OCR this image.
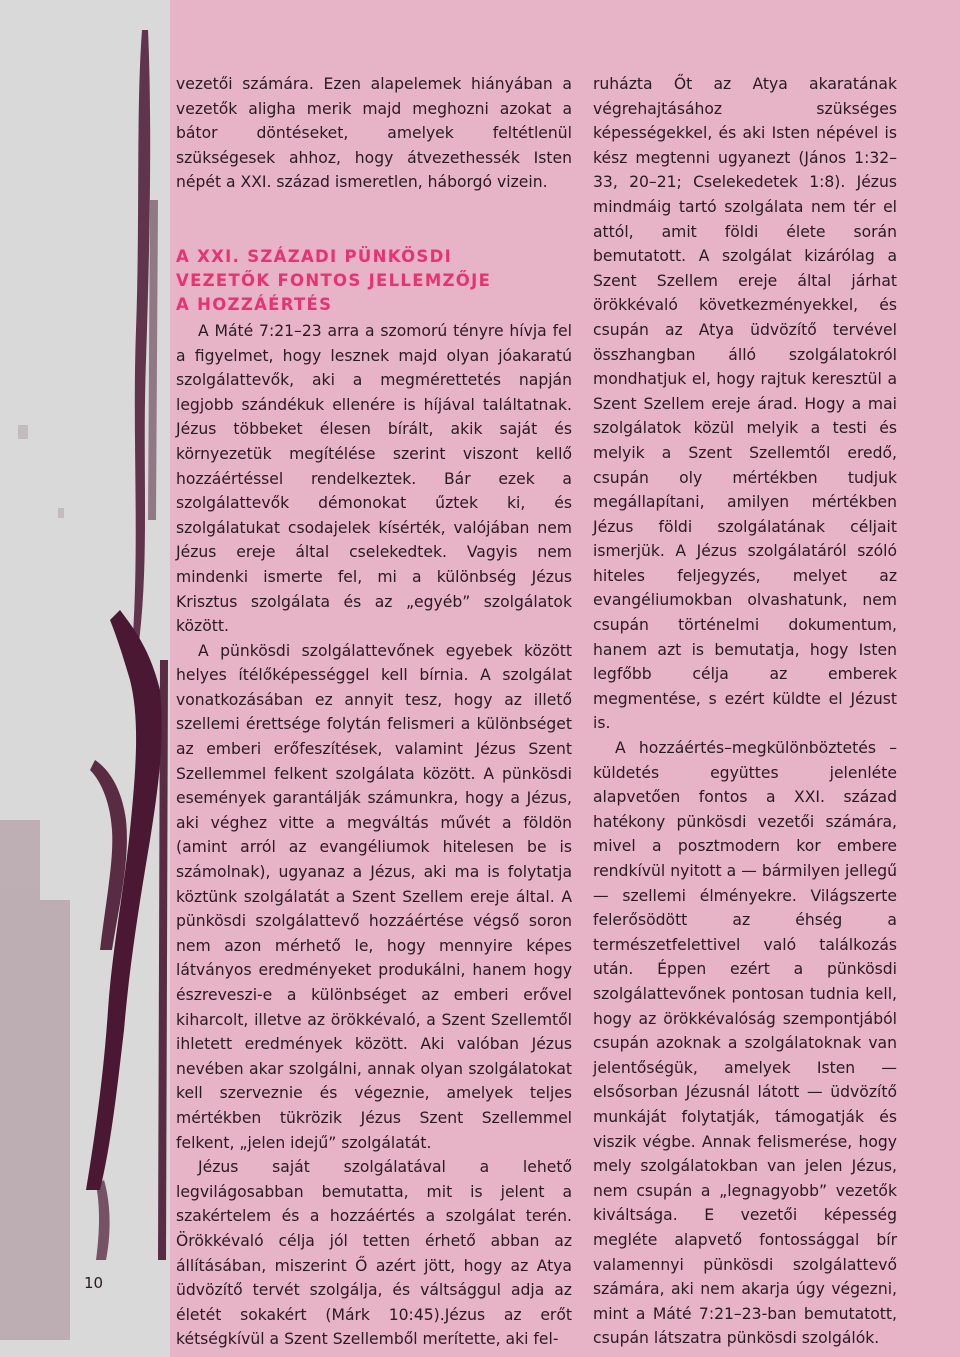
vezetői számára. Ezen alapelemek hiányában a vezetők aligha merik majd meghozni azokat a bátor döntéseket, amelyek feltétlenül szükségesek ahhoz, hogy átvezethessék Isten népét a XXI. század ismeretlen, háborgó vizein.

A XXI. SZÁZADI PÜNKÖSDI
VEZETŐK FONTOS JELLEMZŐJE
A HOZZÁÉRTÉS

A Máté 7:21–23 arra a szomorú tényre hívja fel a figyelmet, hogy lesznek majd olyan jóakaratú szolgálattevők, aki a megmérettetés napján legjobb szándékuk ellenére is híjával találtatnak. Jézus többeket élesen bírált, akik saját és környezetük megítélése szerint viszont kellő hozzáértéssel rendelkeztek. Bár ezek a szolgálattevők démonokat űztek ki, és szolgálatukat csodajelek kísérték, valójában nem Jézus ereje által cselekedtek. Vagyis nem mindenki ismerte fel, mi a különbség Jézus Krisztus szolgálata és az „egyéb” szolgálatok között.

A pünkösdi szolgálattevőnek egyebek között helyes ítélőképességgel kell bírnia. A szolgálat vonatkozásában ez annyit tesz, hogy az illető szellemi érettsége folytán felismeri a különbséget az emberi erőfeszítések, valamint Jézus Szent Szellemmel felkent szolgálata között. A pünkösdi események garantálják számunkra, hogy a Jézus, aki véghez vitte a megváltás művét a földön (amint arról az evangéliumok hitelesen be is számolnak), ugyanaz a Jézus, aki ma is folytatja köztünk szolgálatát a Szent Szellem ereje által. A pünkösdi szolgálattevő hozzáértése végső soron nem azon mérhető le, hogy mennyire képes látványos eredményeket produkálni, hanem hogy észreveszi-e a különbséget az emberi erővel kiharcolt, illetve az örökkévaló, a Szent Szellemtől ihletett eredmények között. Aki valóban Jézus nevében akar szolgálni, annak olyan szolgálatokat kell szerveznie és végeznie, amelyek teljes mértékben tükrözik Jézus Szent Szellemmel felkent, „jelen idejű” szolgálatát.

Jézus saját szolgálatával a lehető legvilágosabban bemutatta, mit is jelent a szakértelem és a hozzáértés a szolgálat terén. Örökkévaló célja jól tetten érhető abban az állításában, miszerint Ő azért jött, hogy az Atya üdvözítő tervét szolgálja, és váltsággul adja az életét sokakért (Márk 10:45).Jézus az erőt kétségkívül a Szent Szellemből merítette, aki fel-

ruházta Őt az Atya akaratának végrehajtásához szükséges képességekkel, és aki Isten népével is kész megtenni ugyanezt (János 1:32–33, 20–21; Cselekedetek 1:8). Jézus mindmáig tartó szolgálata nem tér el attól, amit földi élete során bemutatott. A szolgálat kizárólag a Szent Szellem ereje által járhat örökkévaló következményekkel, és csupán az Atya üdvözítő tervével összhangban álló szolgálatokról mondhatjuk el, hogy rajtuk keresztül a Szent Szellem ereje árad. Hogy a mai szolgálatok közül melyik a testi és melyik a Szent Szellemtől eredő, csupán oly mértékben tudjuk megállapítani, amilyen mértékben Jézus földi szolgálatának céljait ismerjük. A Jézus szolgálatáról szóló hiteles feljegyzés, melyet az evangéliumokban olvashatunk, nem csupán történelmi dokumentum, hanem azt is bemutatja, hogy Isten legfőbb célja az emberek megmentése, s ezért küldte el Jézust is.

A hozzáértés–megkülönböztetés –küldetés együttes jelenléte alapvetően fontos a XXI. század hatékony pünkösdi vezetői számára, mivel a posztmodern kor embere rendkívül nyitott a — bármilyen jellegű — szellemi élményekre. Világszerte felerősödött az éhség a természetfelettivel való találkozás után. Éppen ezért a pünkösdi szolgálattevőnek pontosan tudnia kell, hogy az örökkévalóság szempontjából csupán azoknak a szolgálatoknak van jelentőségük, amelyek Isten — elsősorban Jézusnál látott — üdvözítő munkáját folytatják, támogatják és viszik végbe. Annak felismerése, hogy mely szolgálatokban van jelen Jézus, nem csupán a „legnagyobb” vezetők kiváltsága. E vezetői képesség megléte alapvető fontossággal bír valamennyi pünkösdi szolgálattevő számára, aki nem akarja úgy végezni, mint a Máté 7:21–23-ban bemutatott, csupán látszatra pünkösdi szolgálók.

10
